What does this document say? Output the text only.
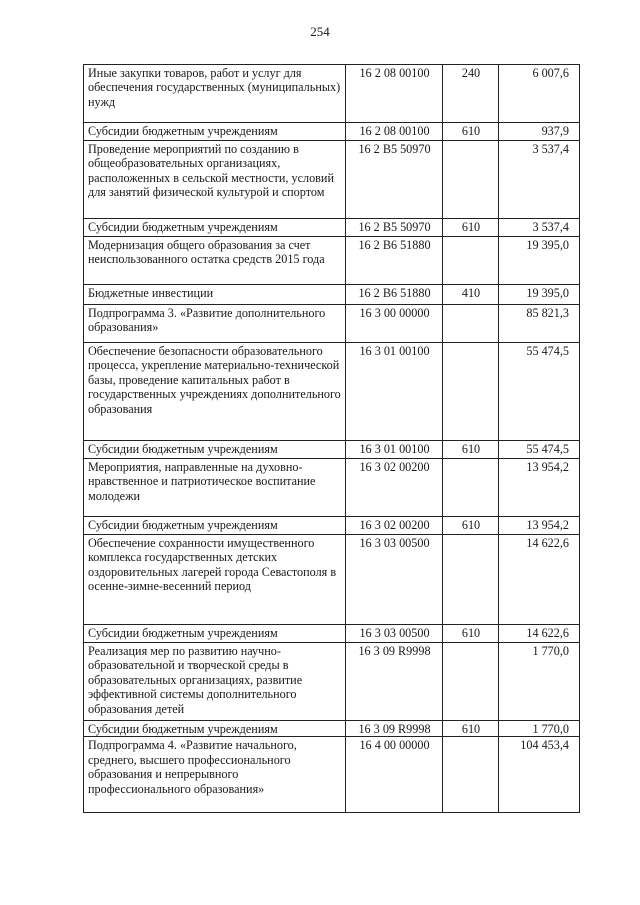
254
Иные закупки товаров, работ и услуг для обеспечения государственных (муниципальных) нужд	16 2 08 00100	240	6 007,6
Субсидии бюджетным учреждениям	16 2 08 00100	610	937,9
Проведение мероприятий по созданию в общеобразовательных организациях, расположенных в сельской местности, условий для занятий физической культурой и спортом	16 2 B5 50970		3 537,4
Субсидии бюджетным учреждениям	16 2 B5 50970	610	3 537,4
Модернизация общего образования за счет неиспользованного остатка средств 2015 года	16 2 B6 51880		19 395,0
Бюджетные инвестиции	16 2 B6 51880	410	19 395,0
Подпрограмма 3. «Развитие дополнительного образования»	16 3 00 00000		85 821,3
Обеспечение безопасности образовательного процесса, укрепление материально-технической базы, проведение капитальных работ в государственных учреждениях дополнительного образования	16 3 01 00100		55 474,5
Субсидии бюджетным учреждениям	16 3 01 00100	610	55 474,5
Мероприятия, направленные на духовно-нравственное и патриотическое воспитание молодежи	16 3 02 00200		13 954,2
Субсидии бюджетным учреждениям	16 3 02 00200	610	13 954,2
Обеспечение сохранности имущественного комплекса государственных детских оздоровительных лагерей города Севастополя в осенне-зимне-весенний период	16 3 03 00500		14 622,6
Субсидии бюджетным учреждениям	16 3 03 00500	610	14 622,6
Реализация мер по развитию научно-образовательной и творческой среды в образовательных организациях, развитие эффективной системы дополнительного образования детей	16 3 09 R9998		1 770,0
Субсидии бюджетным учреждениям	16 3 09 R9998	610	1 770,0
Подпрограмма 4. «Развитие начального, среднего, высшего профессионального образования и непрерывного профессионального образования»	16 4 00 00000		104 453,4
